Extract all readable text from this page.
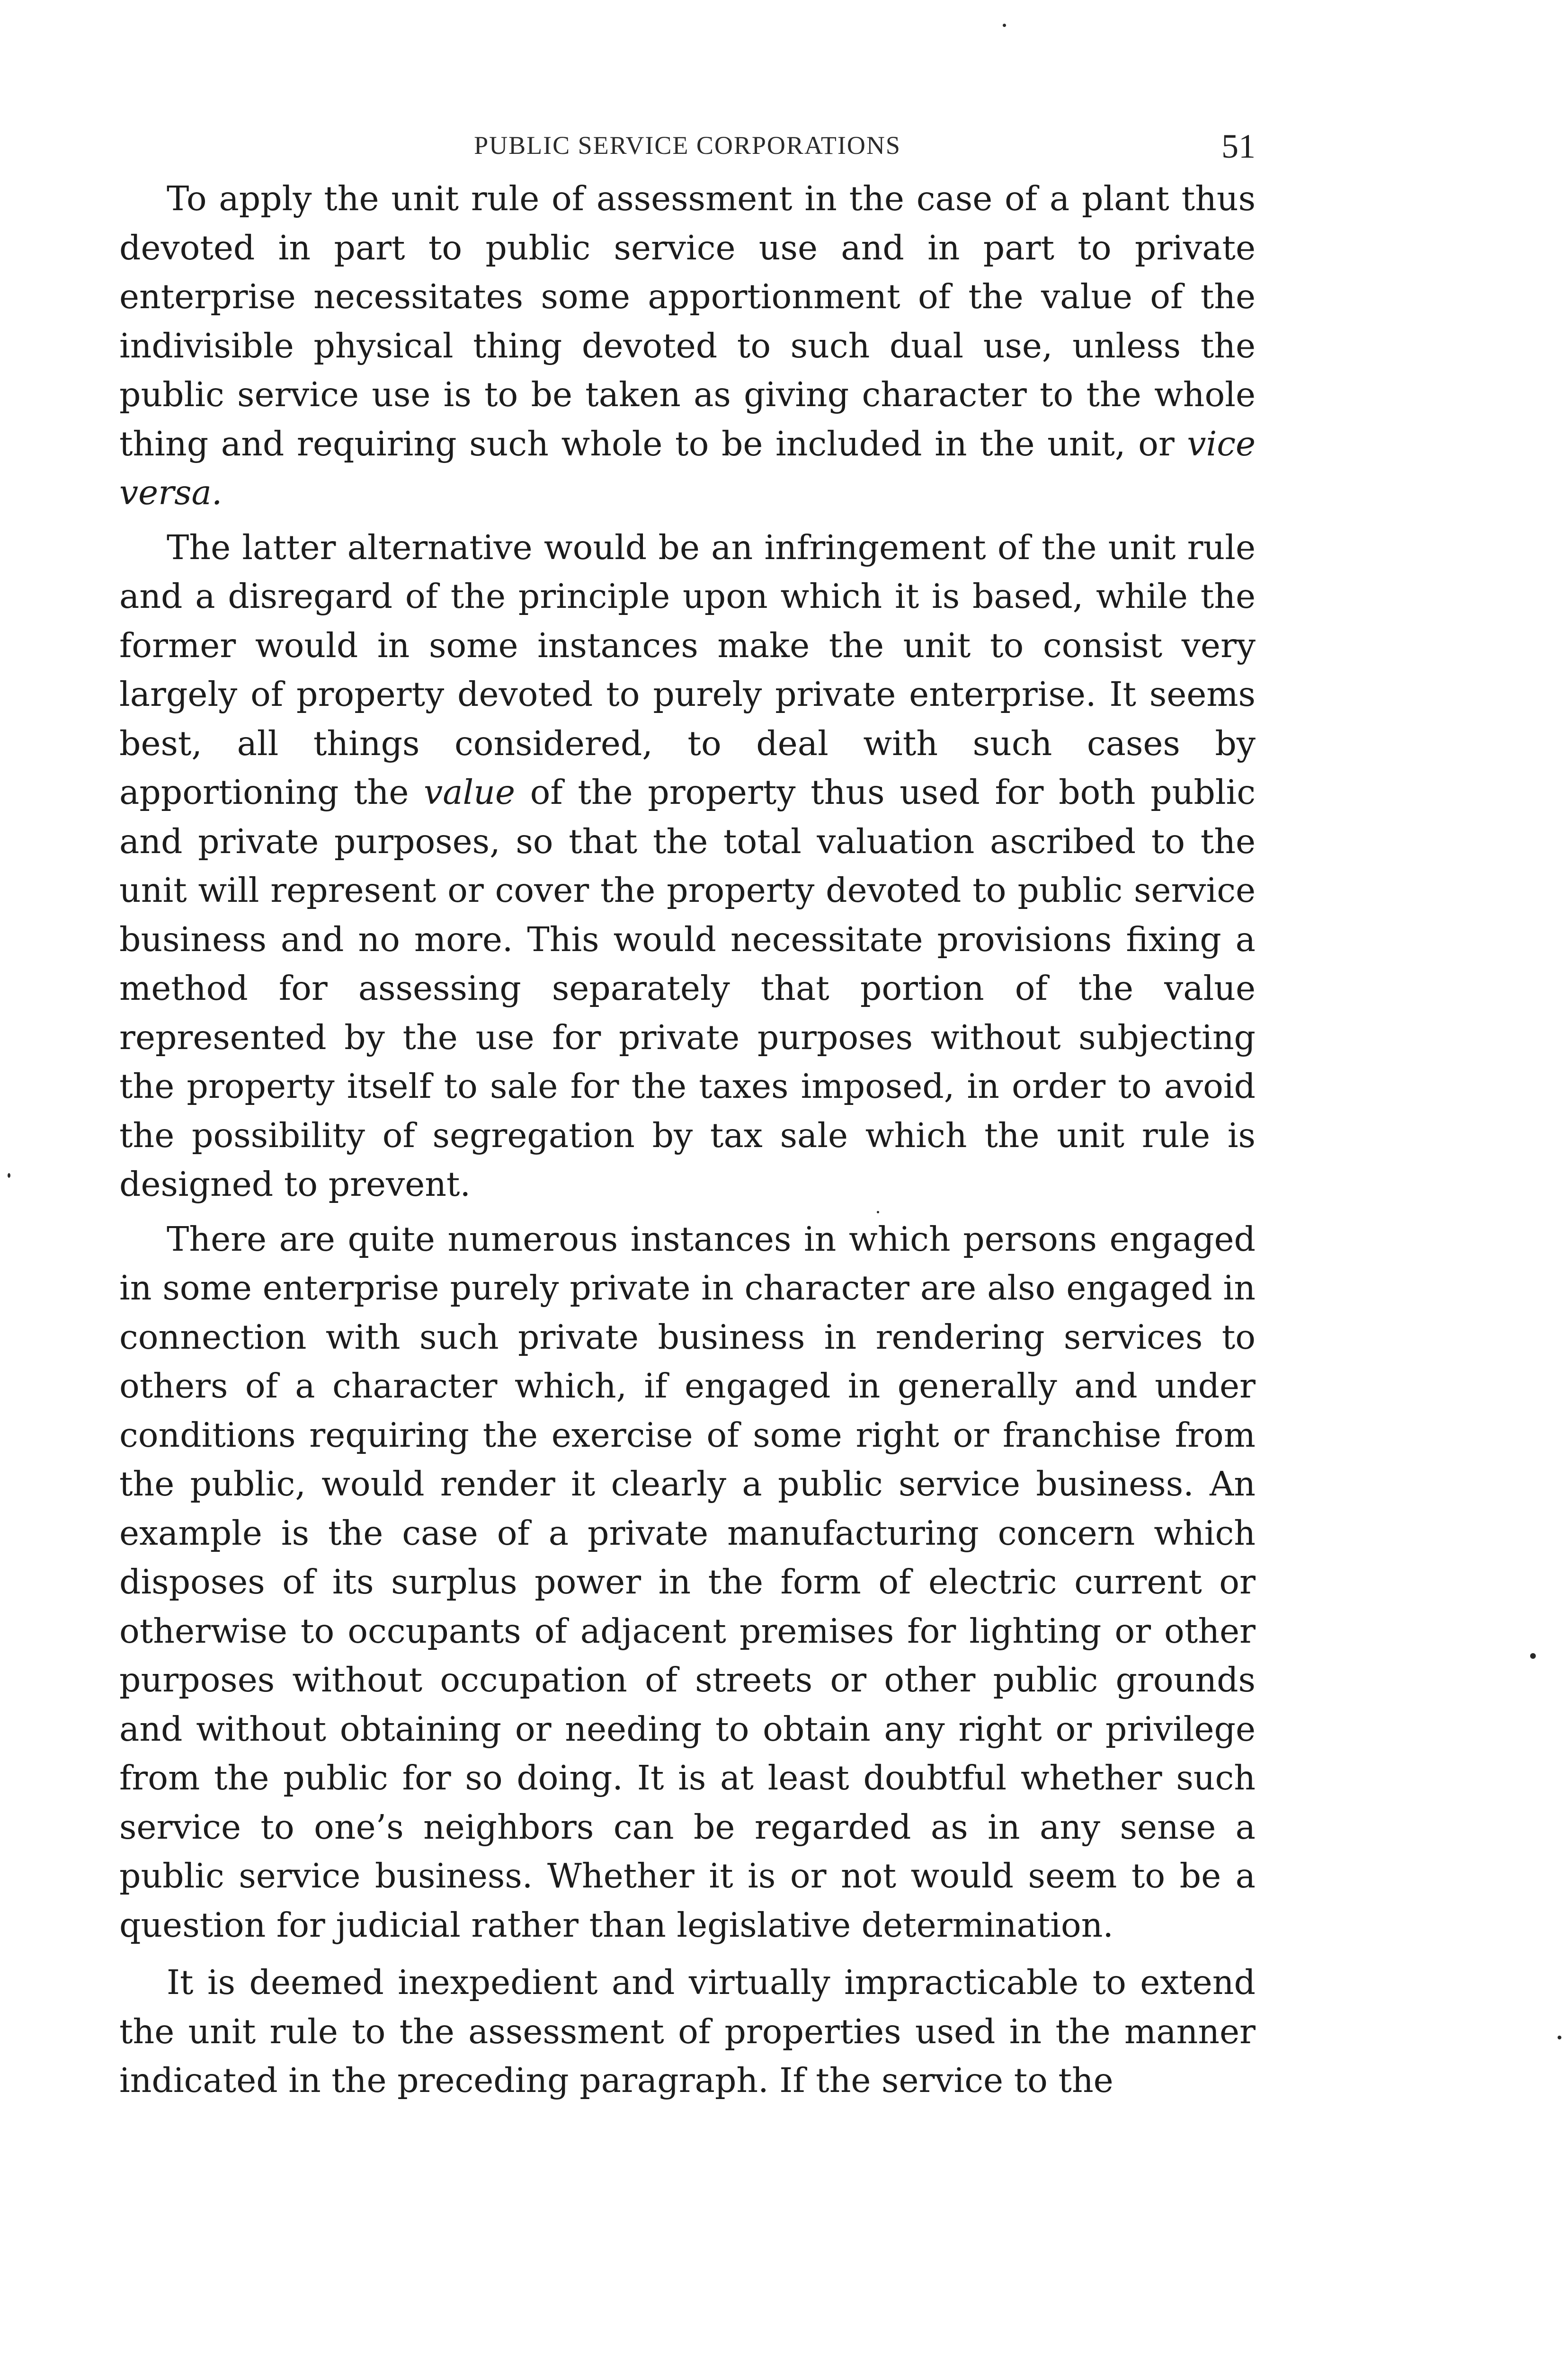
PUBLIC SERVICE CORPORATIONS	51

To apply the unit rule of assessment in the case of a plant thus devoted in part to public service use and in part to private enterprise necessitates some apportionment of the value of the indivisible physical thing devoted to such dual use, unless the public service use is to be taken as giving character to the whole thing and requiring such whole to be included in the unit, or vice versa.

The latter alternative would be an infringement of the unit rule and a disregard of the principle upon which it is based, while the former would in some instances make the unit to consist very largely of property devoted to purely private enterprise. It seems best, all things considered, to deal with such cases by apportioning the value of the property thus used for both public and private purposes, so that the total valuation ascribed to the unit will represent or cover the property devoted to public service business and no more. This would necessitate provisions fixing a method for assessing separately that portion of the value represented by the use for private purposes without subjecting the property itself to sale for the taxes imposed, in order to avoid the possibility of segregation by tax sale which the unit rule is designed to prevent.

There are quite numerous instances in which persons engaged in some enterprise purely private in character are also engaged in connection with such private business in rendering services to others of a character which, if engaged in generally and under conditions requiring the exercise of some right or franchise from the public, would render it clearly a public service business. An example is the case of a private manufacturing concern which disposes of its surplus power in the form of electric current or otherwise to occupants of adjacent premises for lighting or other purposes without occupation of streets or other public grounds and without obtaining or needing to obtain any right or privilege from the public for so doing. It is at least doubtful whether such service to one’s neighbors can be regarded as in any sense a public service business. Whether it is or not would seem to be a question for judicial rather than legislative determination.

It is deemed inexpedient and virtually impracticable to extend the unit rule to the assessment of properties used in the manner indicated in the preceding paragraph. If the service to the
